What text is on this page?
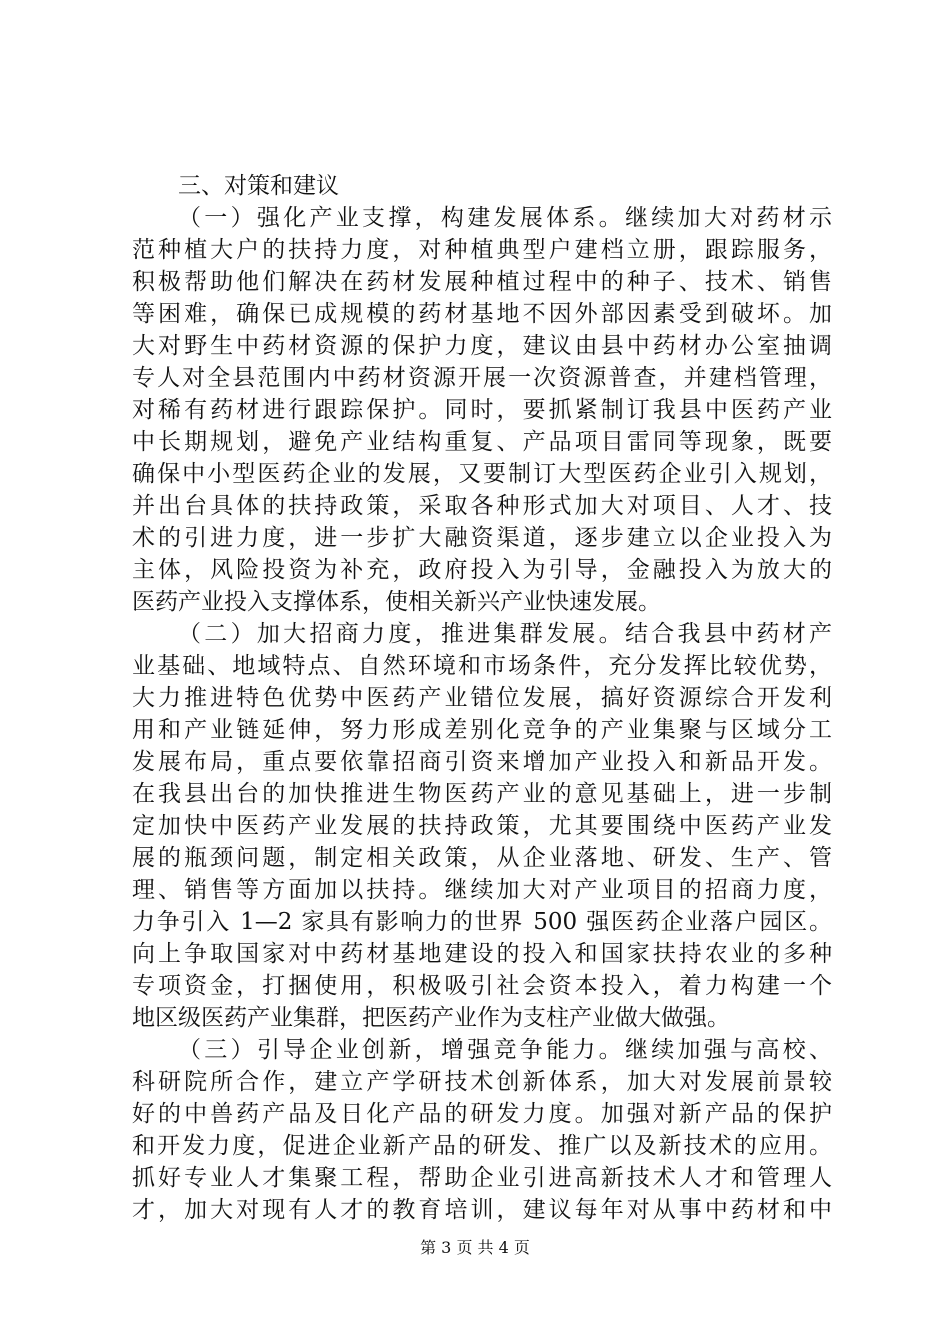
三、对策和建议
（一）强化产业支撑，构建发展体系。继续加大对药材示
范种植大户的扶持力度，对种植典型户建档立册，跟踪服务，
积极帮助他们解决在药材发展种植过程中的种子、技术、销售
等困难，确保已成规模的药材基地不因外部因素受到破坏。加
大对野生中药材资源的保护力度，建议由县中药材办公室抽调
专人对全县范围内中药材资源开展一次资源普查，并建档管理，
对稀有药材进行跟踪保护。同时，要抓紧制订我县中医药产业
中长期规划，避免产业结构重复、产品项目雷同等现象，既要
确保中小型医药企业的发展，又要制订大型医药企业引入规划，
并出台具体的扶持政策，采取各种形式加大对项目、人才、技
术的引进力度，进一步扩大融资渠道，逐步建立以企业投入为
主体，风险投资为补充，政府投入为引导，金融投入为放大的
医药产业投入支撑体系，使相关新兴产业快速发展。
（二）加大招商力度，推进集群发展。结合我县中药材产
业基础、地域特点、自然环境和市场条件，充分发挥比较优势，
大力推进特色优势中医药产业错位发展，搞好资源综合开发利
用和产业链延伸，努力形成差别化竞争的产业集聚与区域分工
发展布局，重点要依靠招商引资来增加产业投入和新品开发。
在我县出台的加快推进生物医药产业的意见基础上，进一步制
定加快中医药产业发展的扶持政策，尤其要围绕中医药产业发
展的瓶颈问题，制定相关政策，从企业落地、研发、生产、管
理、销售等方面加以扶持。继续加大对产业项目的招商力度，
力争引入 1—2 家具有影响力的世界 500 强医药企业落户园区。
向上争取国家对中药材基地建设的投入和国家扶持农业的多种
专项资金，打捆使用，积极吸引社会资本投入，着力构建一个
地区级医药产业集群，把医药产业作为支柱产业做大做强。
（三）引导企业创新，增强竞争能力。继续加强与高校、
科研院所合作，建立产学研技术创新体系，加大对发展前景较
好的中兽药产品及日化产品的研发力度。加强对新产品的保护
和开发力度，促进企业新产品的研发、推广以及新技术的应用。
抓好专业人才集聚工程，帮助企业引进高新技术人才和管理人
才，加大对现有人才的教育培训，建议每年对从事中药材和中
第 3 页 共 4 页
